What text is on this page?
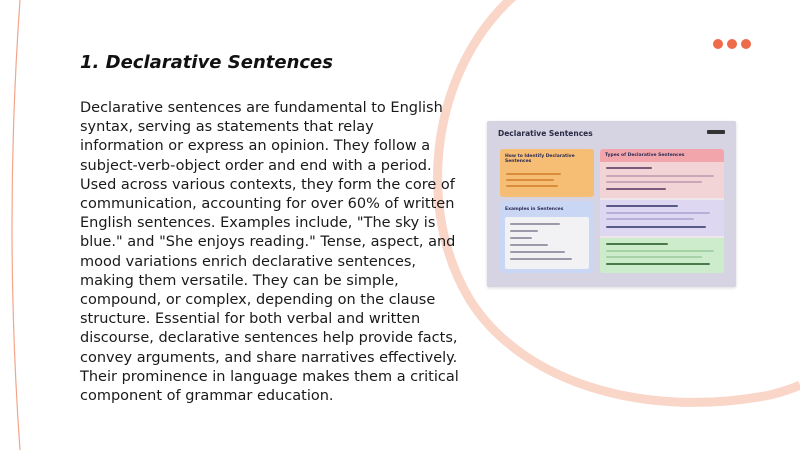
1. Declarative Sentences

Declarative sentences are fundamental to English syntax, serving as statements that relay information or express an opinion. They follow a subject-verb-object order and end with a period. Used across various contexts, they form the core of communication, accounting for over 60% of written English sentences. Examples include, "The sky is blue." and "She enjoys reading." Tense, aspect, and mood variations enrich declarative sentences, making them versatile. They can be simple, compound, or complex, depending on the clause structure. Essential for both verbal and written discourse, declarative sentences help provide facts, convey arguments, and share narratives effectively. Their prominence in language makes them a critical component of grammar education.

Declarative Sentences
How to Identify Declarative Sentences
Examples in Sentences
Types of Declarative Sentences
